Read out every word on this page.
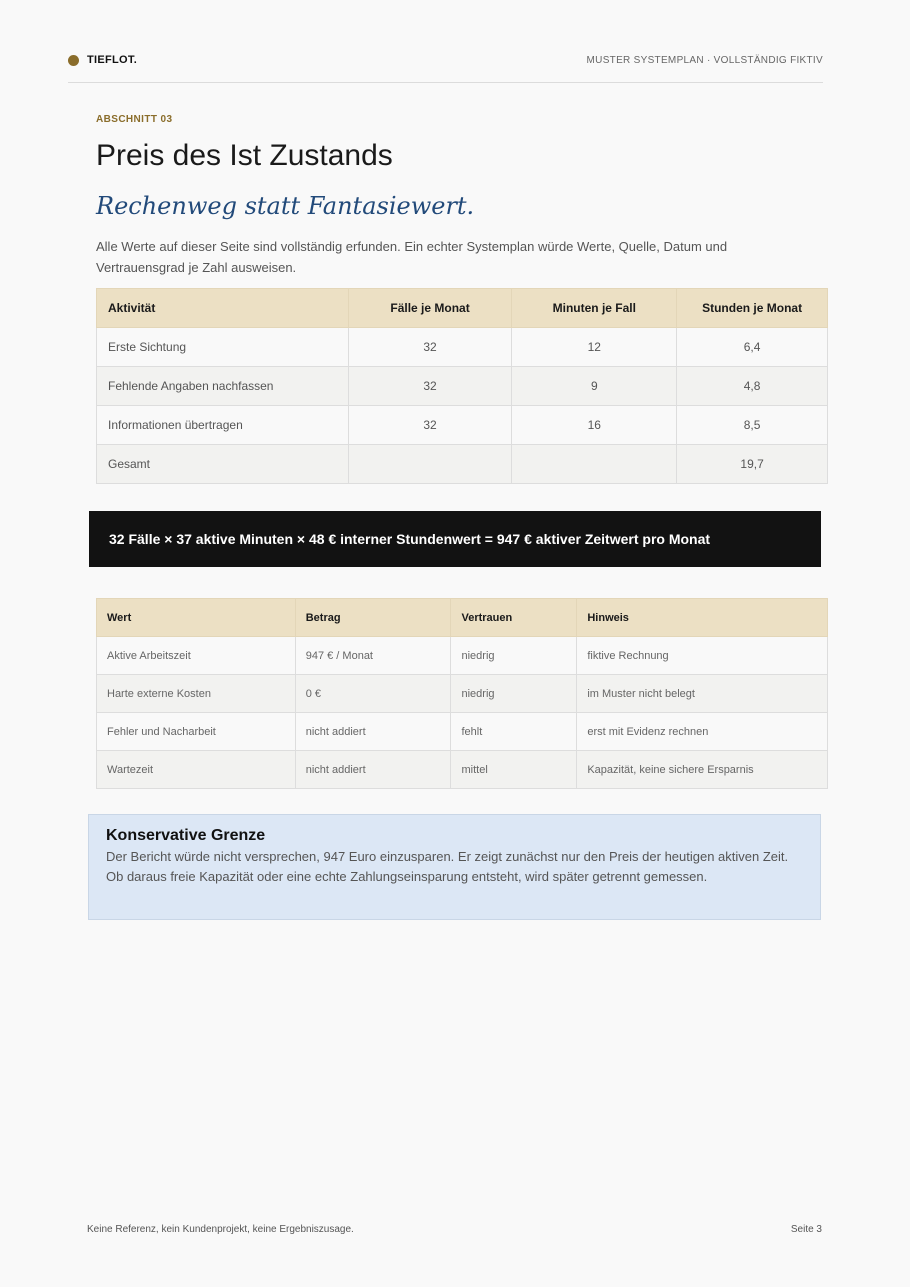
TIEFLOT.	MUSTER SYSTEMPLAN · VOLLSTÄNDIG FIKTIV
ABSCHNITT 03
Preis des Ist Zustands
Rechenweg statt Fantasiewert.
Alle Werte auf dieser Seite sind vollständig erfunden. Ein echter Systemplan würde Werte, Quelle, Datum und Vertrauensgrad je Zahl ausweisen.
Aktivität	Fälle je Monat	Minuten je Fall	Stunden je Monat
Erste Sichtung	32	12	6,4
Fehlende Angaben nachfassen	32	9	4,8
Informationen übertragen	32	16	8,5
Gesamt			19,7
32 Fälle × 37 aktive Minuten × 48 € interner Stundenwert = 947 € aktiver Zeitwert pro Monat
Wert	Betrag	Vertrauen	Hinweis
Aktive Arbeitszeit	947 € / Monat	niedrig	fiktive Rechnung
Harte externe Kosten	0 €	niedrig	im Muster nicht belegt
Fehler und Nacharbeit	nicht addiert	fehlt	erst mit Evidenz rechnen
Wartezeit	nicht addiert	mittel	Kapazität, keine sichere Ersparnis
Konservative Grenze
Der Bericht würde nicht versprechen, 947 Euro einzusparen. Er zeigt zunächst nur den Preis der heutigen aktiven Zeit. Ob daraus freie Kapazität oder eine echte Zahlungseinsparung entsteht, wird später getrennt gemessen.
Keine Referenz, kein Kundenprojekt, keine Ergebniszusage.	Seite 3
